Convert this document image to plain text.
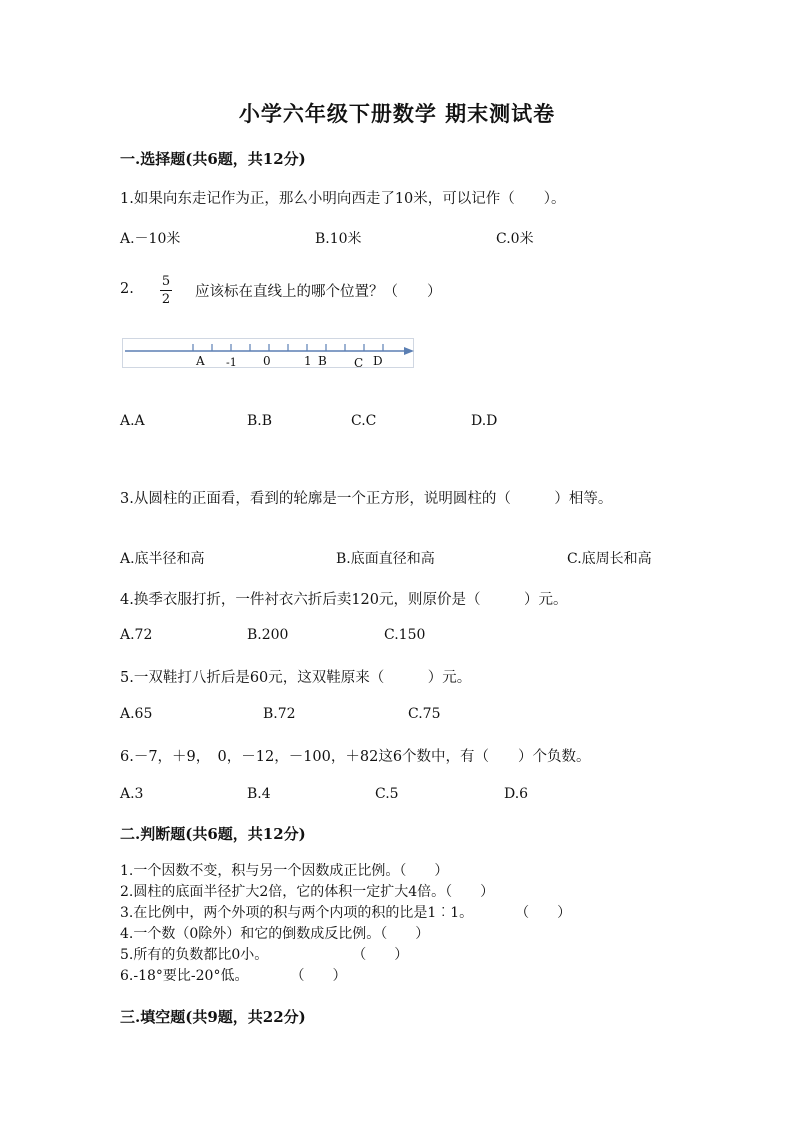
小学六年级下册数学 期末测试卷
一.选择题(共6题，共12分)
1.如果向东走记作为正，那么小明向西走了10米，可以记作（　　）。
A.－10米	B.10米	C.0米
2. 5
2 应该标在直线上的哪个位置？（　　）
A -1 0	1 B C D
A.A	B.B	C.C	D.D
3.从圆柱的正面看，看到的轮廓是一个正方形，说明圆柱的（　　　）相等。
A.底半径和高	B.底面直径和高	C.底周长和高
4.换季衣服打折，一件衬衣六折后卖120元，则原价是（　　　）元。
A.72	B.200	C.150
5.一双鞋打八折后是60元，这双鞋原来（　　　）元。
A.65	B.72	C.75
6.－7，＋9，　0，－12，－100，＋82这6个数中，有（　　）个负数。
A.3	B.4	C.5	D.6
二.判断题(共6题，共12分)
1.一个因数不变，积与另一个因数成正比例。（　　）
2.圆柱的底面半径扩大2倍，它的体积一定扩大4倍。（　　）
3.在比例中，两个外项的积与两个内项的积的比是1︰1。　　　　（　　）
4.一个数（0除外）和它的倒数成反比例。（　　）
5.所有的负数都比0小。　　　　　　　（　　）
6.-18°要比-20°低。　　　　（　　）
三.填空题(共9题，共22分)
